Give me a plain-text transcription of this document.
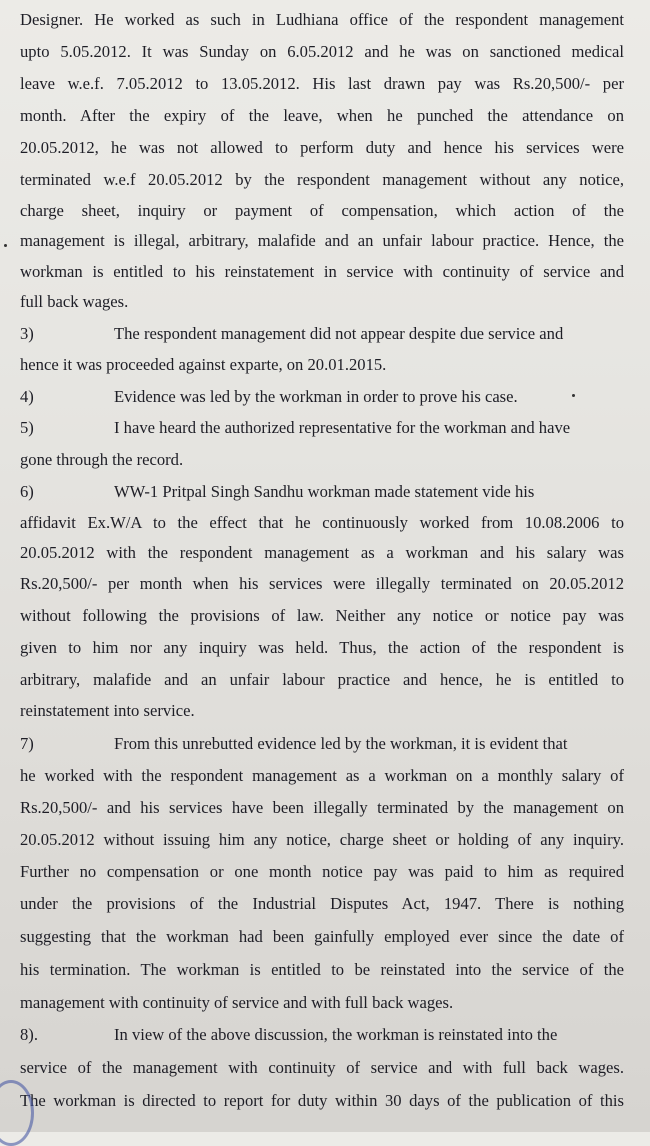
Designer. He worked as such in Ludhiana office of the respondent management
upto 5.05.2012. It was Sunday on 6.05.2012 and he was on sanctioned medical
leave w.e.f. 7.05.2012 to 13.05.2012. His last drawn pay was Rs.20,500/- per
month. After the expiry of the leave, when he punched the attendance on
20.05.2012, he was not allowed to perform duty and hence his services were
terminated w.e.f 20.05.2012 by the respondent management without any notice,
charge sheet, inquiry or payment of compensation, which action of the
management is illegal, arbitrary, malafide and an unfair labour practice. Hence, the
workman is entitled to his reinstatement in service with continuity of service and
full back wages.
3)	The respondent management did not appear despite due service and
hence it was proceeded against exparte, on 20.01.2015.
4)	Evidence was led by the workman in order to prove his case.
5)	I have heard the authorized representative for the workman and have
gone through the record.
6)	WW-1 Pritpal Singh Sandhu workman made statement vide his
affidavit Ex.W/A to the effect that he continuously worked from 10.08.2006 to
20.05.2012 with the respondent management as a workman and his salary was
Rs.20,500/- per month when his services were illegally terminated on 20.05.2012
without following the provisions of law. Neither any notice or notice pay was
given to him nor any inquiry was held. Thus, the action of the respondent is
arbitrary, malafide and an unfair labour practice and hence, he is entitled to
reinstatement into service.
7)	From this unrebutted evidence led by the workman, it is evident that
he worked with the respondent management as a workman on a monthly salary of
Rs.20,500/- and his services have been illegally terminated by the management on
20.05.2012 without issuing him any notice, charge sheet or holding of any inquiry.
Further no compensation or one month notice pay was paid to him as required
under the provisions of the Industrial Disputes Act, 1947. There is nothing
suggesting that the workman had been gainfully employed ever since the date of
his termination. The workman is entitled to be reinstated into the service of the
management with continuity of service and with full back wages.
8).	In view of the above discussion, the workman is reinstated into the
service of the management with continuity of service and with full back wages.
The workman is directed to report for duty within 30 days of the publication of this
